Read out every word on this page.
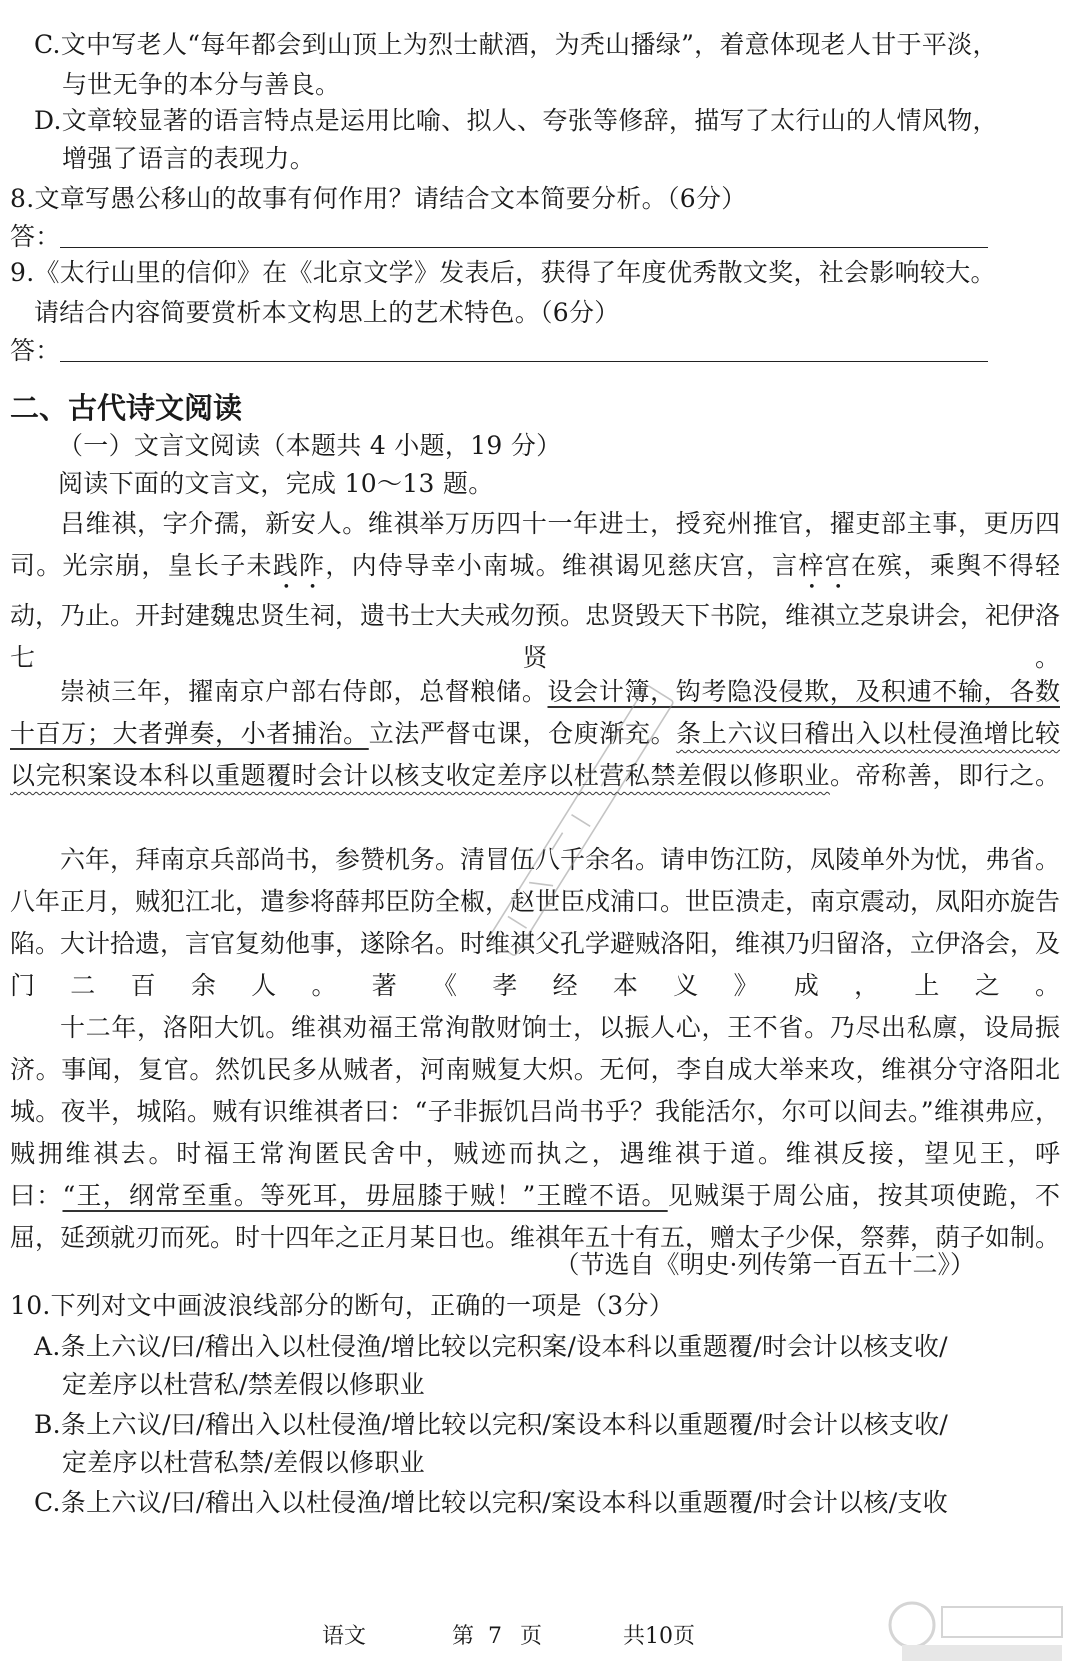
C.文中写老人“每年都会到山顶上为烈士献酒，为秃山播绿”，着意体现老人甘于平淡，
与世无争的本分与善良。
D.文章较显著的语言特点是运用比喻、拟人、夸张等修辞，描写了太行山的人情风物，
增强了语言的表现力。
8.文章写愚公移山的故事有何作用？请结合文本简要分析。（6分）
答：
9.《太行山里的信仰》在《北京文学》发表后，获得了年度优秀散文奖，社会影响较大。
请结合内容简要赏析本文构思上的艺术特色。（6分）
答：
二、古代诗文阅读
（一）文言文阅读（本题共 4 小题，19 分）
阅读下面的文言文，完成 10～13 题。
吕维祺，字介孺，新安人。维祺举万历四十一年进士，授兖州推官，擢吏部主事，更历四司。光宗崩，皇长子未践阼，内侍导幸小南城。维祺谒见慈庆宫，言梓宫在殡，乘舆不得轻动，乃止。开封建魏忠贤生祠，遗书士大夫戒勿预。忠贤毁天下书院，维祺立芝泉讲会，祀伊洛七贤。
崇祯三年，擢南京户部右侍郎，总督粮储。设会计簿，钩考隐没侵欺，及积逋不输，各数十百万；大者弹奏，小者捕治。立法严督屯课，仓庾渐充。条上六议曰稽出入以杜侵渔增比较以完积案设本科以重题覆时会计以核支收定差序以杜营私禁差假以修职业。帝称善，即行之。
六年，拜南京兵部尚书，参赞机务。清冒伍八千余名。请申饬江防，凤陵单外为忧，弗省。八年正月，贼犯江北，遣参将薛邦臣防全椒，赵世臣戍浦口。世臣溃走，南京震动，凤阳亦旋告陷。大计拾遗，言官复劾他事，遂除名。时维祺父孔学避贼洛阳，维祺乃归留洛，立伊洛会，及门二百余人。著《孝经本义》成，上之。
十二年，洛阳大饥。维祺劝福王常洵散财饷士，以振人心，王不省。乃尽出私廪，设局振济。事闻，复官。然饥民多从贼者，河南贼复大炽。无何，李自成大举来攻，维祺分守洛阳北城。夜半，城陷。贼有识维祺者曰：“子非振饥吕尚书乎？我能活尔，尔可以间去。”维祺弗应，贼拥维祺去。时福王常洵匿民舍中，贼迹而执之，遇维祺于道。维祺反接，望见王，呼曰：“王，纲常至重。等死耳，毋屈膝于贼！”王瞠不语。见贼渠于周公庙，按其项使跪，不屈，延颈就刃而死。时十四年之正月某日也。维祺年五十有五，赠太子少保，祭葬，荫子如制。
（节选自《明史·列传第一百五十二》）
10.下列对文中画波浪线部分的断句，正确的一项是（3分）
A.条上六议/曰/稽出入以杜侵渔/增比较以完积案/设本科以重题覆/时会计以核支收/
定差序以杜营私/禁差假以修职业
B.条上六议/曰/稽出入以杜侵渔/增比较以完积/案设本科以重题覆/时会计以核支收/
定差序以杜营私禁/差假以修职业
C.条上六议/曰/稽出入以杜侵渔/增比较以完积/案设本科以重题覆/时会计以核/支收
语文	第 7 页	共10页
